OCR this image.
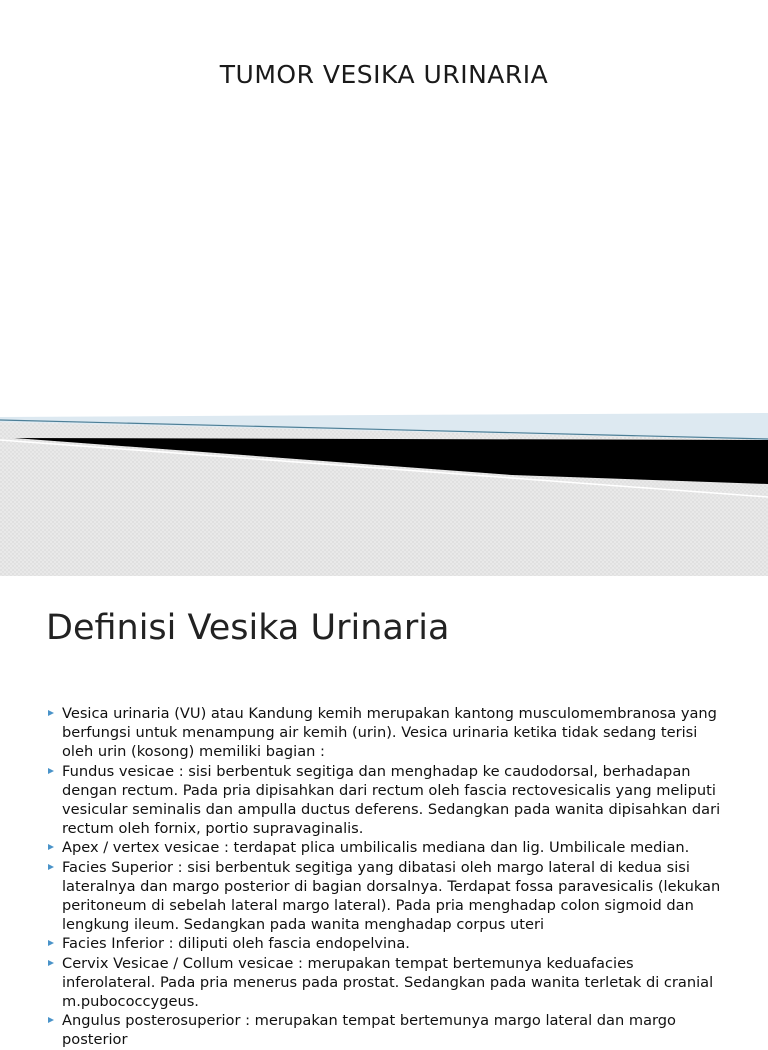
TUMOR VESIKA URINARIA
Definisi Vesika Urinaria
Vesica urinaria (VU) atau Kandung kemih merupakan kantong musculomembranosa yang berfungsi untuk menampung air kemih (urin). Vesica urinaria ketika tidak sedang terisi oleh urin (kosong) memiliki bagian :
Fundus vesicae : sisi berbentuk segitiga dan menghadap ke caudodorsal, berhadapan dengan rectum. Pada pria dipisahkan dari rectum oleh fascia rectovesicalis yang meliputi vesicular seminalis dan ampulla ductus deferens. Sedangkan pada wanita dipisahkan dari rectum oleh fornix, portio supravaginalis.
Apex / vertex vesicae : terdapat plica umbilicalis mediana dan lig. Umbilicale median.
Facies Superior : sisi berbentuk segitiga yang dibatasi oleh margo lateral di kedua sisi lateralnya dan margo posterior di bagian dorsalnya. Terdapat fossa paravesicalis (lekukan peritoneum di sebelah lateral margo lateral). Pada pria menghadap colon sigmoid dan lengkung ileum. Sedangkan pada wanita menghadap corpus uteri
Facies Inferior : diliputi oleh fascia endopelvina.
Cervix Vesicae / Collum vesicae : merupakan tempat bertemunya keduafacies inferolateral. Pada pria menerus pada prostat. Sedangkan pada wanita terletak di cranial m.pubococcygeus.
Angulus posterosuperior : merupakan tempat bertemunya margo lateral dan margo posterior
